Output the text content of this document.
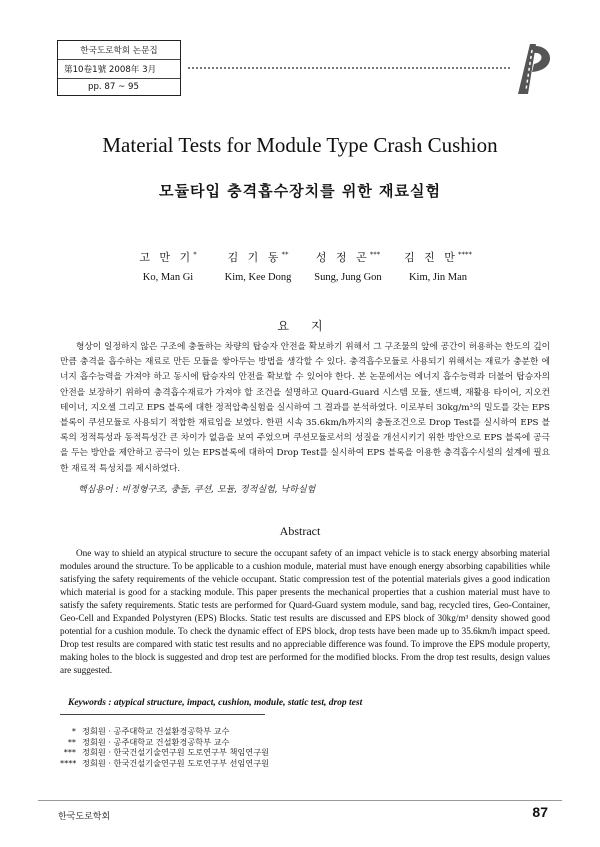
한국도로학회 논문집
第10卷1號 2008年 3月
pp. 87 ~ 95
Material Tests for Module Type Crash Cushion
모듈타입 충격흡수장치를 위한 재료실험
고 만 기*
Ko, Man Gi
김 기 동**
Kim, Kee Dong
성 정 곤***
Sung, Jung Gon
김 진 만****
Kim, Jin Man
요지
형상이 일정하지 않은 구조에 충돌하는 차량의 탑승자 안전을 확보하기 위해서 그 구조물의 앞에 공간이 허용하는 한도의 깊이만큼 충격을 흡수하는 재료로 만든 모듈을 쌓아두는 방법을 생각할 수 있다. 충격흡수모듈로 사용되기 위해서는 재료가 충분한 에너지 흡수능력을 가져야 하고 동시에 탑승자의 안전을 확보할 수 있어야 한다. 본 논문에서는 에너지 흡수능력과 더불어 탑승자의 안전을 보장하기 위하여 충격흡수재료가 가져야 할 조건을 설명하고 Quard-Guard 시스템 모듈, 샌드백, 재활용 타이어, 지오컨테이너, 지오셀 그리고 EPS 블록에 대한 정적압축실험을 실시하여 그 결과를 분석하였다. 이로부터 30kg/m³의 밀도를 갖는 EPS 블록이 쿠션모듈로 사용되기 적합한 재료임을 보였다. 한편 시속 35.6km/h까지의 충돌조건으로 Drop Test를 실시하여 EPS 블록의 정적특성과 동적특성간 큰 차이가 없음을 보여 주었으며 쿠션모듈로서의 성질을 개선시키기 위한 방안으로 EPS 블록에 공극을 두는 방안을 제안하고 공극이 있는 EPS블록에 대하여 Drop Test를 실시하여 EPS 블록을 이용한 충격흡수시설의 설계에 필요한 재료적 특성치를 제시하였다.
핵심용어 : 비정형구조, 충돌, 쿠션, 모듈, 정적실험, 낙하실험
Abstract
One way to shield an atypical structure to secure the occupant safety of an impact vehicle is to stack energy absorbing material modules around the structure. To be applicable to a cushion module, material must have enough energy absorbing capabilities while satisfying the safety requirements of the vehicle occupant. Static compression test of the potential materials gives a good indication which material is good for a stacking module. This paper presents the mechanical properties that a cushion material must have to satisfy the safety requirements. Static tests are performed for Quard-Guard system module, sand bag, recycled tires, Geo-Container, Geo-Cell and Expanded Polystyren (EPS) Blocks. Static test results are discussed and EPS block of 30kg/m³ density showed good potential for a cushion module. To check the dynamic effect of EPS block, drop tests have been made up to 35.6km/h impact speed. Drop test results are compared with static test results and no appreciable difference was found. To improve the EPS module property, making holes to the block is suggested and drop test are performed for the modified blocks. From the drop test results, design values are suggested.
Keywords : atypical structure, impact, cushion, module, static test, drop test
* 정회원 · 공주대학교 건설환경공학부 교수
** 정회원 · 공주대학교 건설환경공학부 교수
*** 정회원 · 한국건설기술연구원 도로연구부 책임연구원
**** 정회원 · 한국건설기술연구원 도로연구부 선임연구원
한국도로학회	87
